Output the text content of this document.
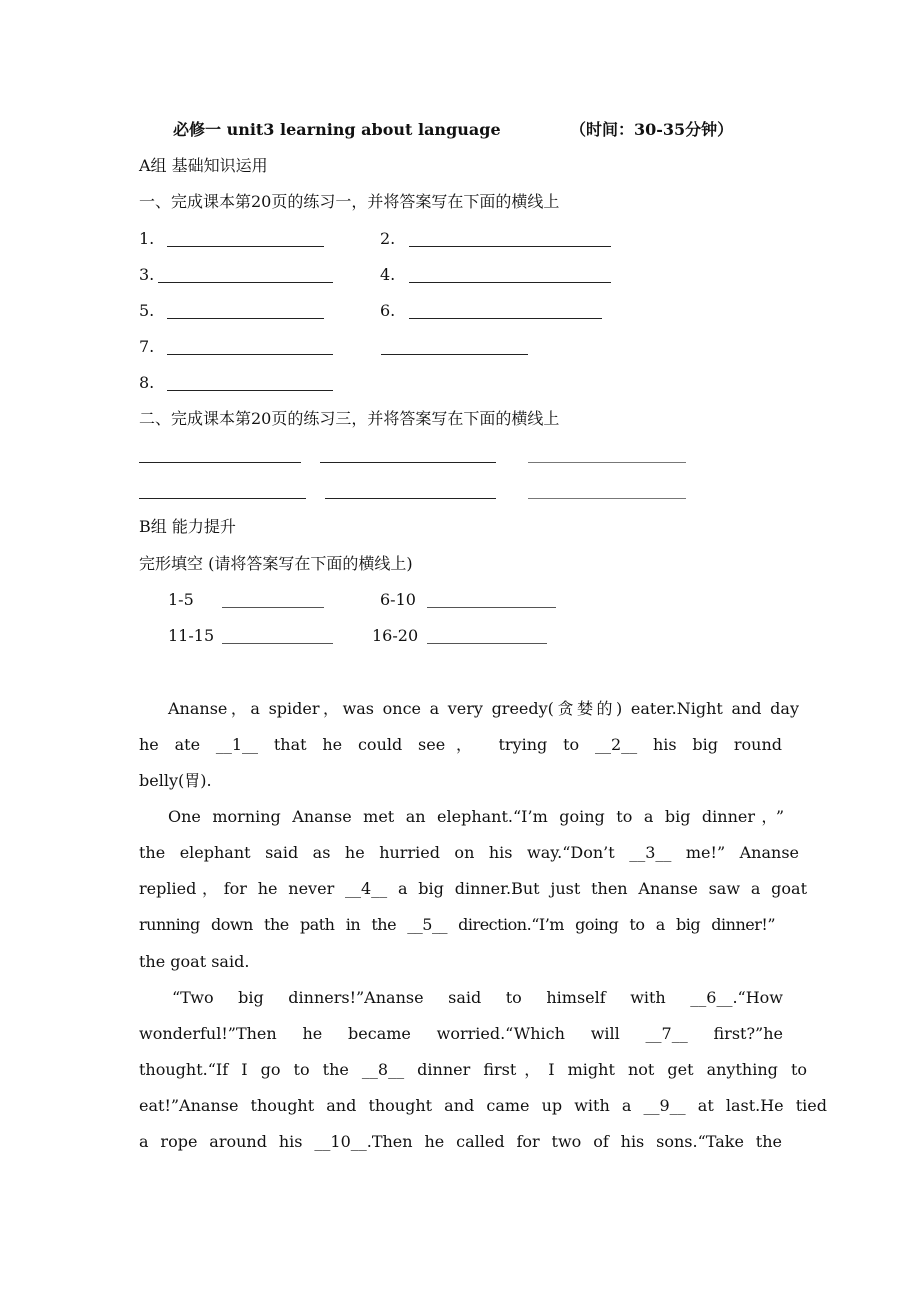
必修一 unit3 learning about language	（时间：30-35分钟）
A组 基础知识运用
一、完成课本第20页的练习一，并将答案写在下面的横线上
1.	2.
3.	4.
5.	6.
7.
8.
二、完成课本第20页的练习三，并将答案写在下面的横线上
B组 能力提升
完形填空 (请将答案写在下面的横线上)
1-5	6-10
11-15	16-20
Ananse，a spider，was once a very greedy(贪婪的) eater.Night and day
he ate __1__ that he could see， trying to __2__ his big round
belly(胃).
One morning Ananse met an elephant.“I’m going to a big dinner，”
the elephant said as he hurried on his way.“Don’t __3__ me!” Ananse
replied，for he never __4__ a big dinner.But just then Ananse saw a goat
running down the path in the __5__ direction.“I’m going to a big dinner!”
the goat said.
“Two big dinners!”Ananse said to himself with __6__.“How
wonderful!”Then he became worried.“Which will __7__ first?”he
thought.“If I go to the __8__ dinner first，I might not get anything to
eat!”Ananse thought and thought and came up with a __9__ at last.He tied
a rope around his __10__.Then he called for two of his sons.“Take the
